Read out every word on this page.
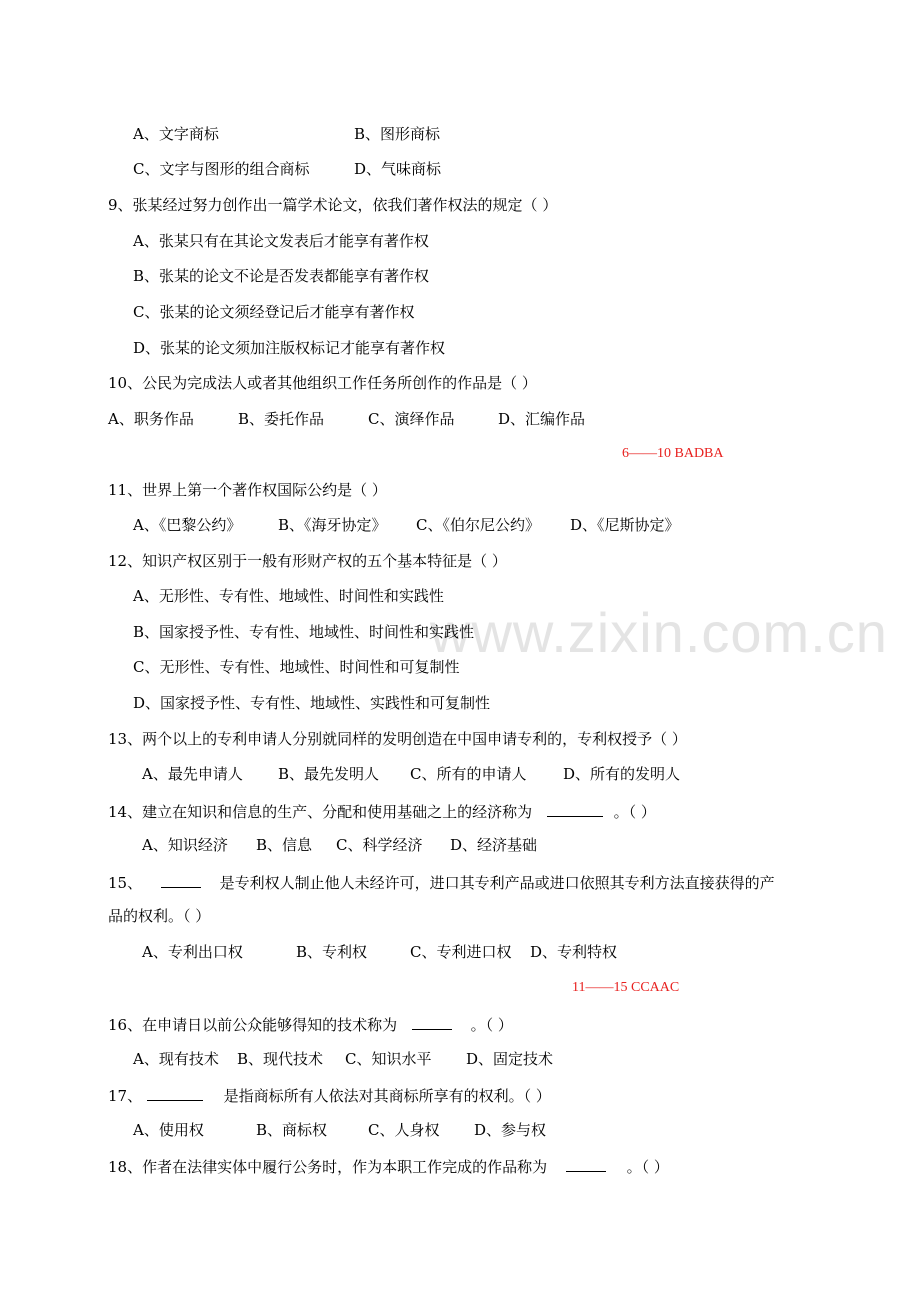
www.zixin.com.cn
A、文字商标	B、图形商标
C、文字与图形的组合商标	D、气味商标
9、张某经过努力创作出一篇学术论文，依我们著作权法的规定（ ）
A、张某只有在其论文发表后才能享有著作权
B、张某的论文不论是否发表都能享有著作权
C、张某的论文须经登记后才能享有著作权
D、张某的论文须加注版权标记才能享有著作权
10、公民为完成法人或者其他组织工作任务所创作的作品是（ ）
A、职务作品	B、委托作品	C、演绎作品	D、汇编作品
6——10 BADBA
11、世界上第一个著作权国际公约是（ ）
A、《巴黎公约》 B、《海牙协定》 C、《伯尔尼公约》 D、《尼斯协定》
12、知识产权区别于一般有形财产权的五个基本特征是（ ）
A、无形性、专有性、地域性、时间性和实践性
B、国家授予性、专有性、地域性、时间性和实践性
C、无形性、专有性、地域性、时间性和可复制性
D、国家授予性、专有性、地域性、实践性和可复制性
13、两个以上的专利申请人分别就同样的发明创造在中国申请专利的，专利权授予（ ）
A、最先申请人 B、最先发明人 C、所有的申请人 D、所有的发明人
14、建立在知识和信息的生产、分配和使用基础之上的经济称为	。（ ）
A、知识经济 B、信息 C、科学经济 D、经济基础
15、	是专利权人制止他人未经许可，进口其专利产品或进口依照其专利方法直接获得的产
品的权利。（ ）
A、专利出口权	B、专利权	C、专利进口权 D、专利特权
11——15 CCAAC
16、在申请日以前公众能够得知的技术称为	。（ ）
A、现有技术 B、现代技术 C、知识水平 D、固定技术
17、	是指商标所有人依法对其商标所享有的权利。（ ）
A、使用权	B、商标权	C、人身权 D、参与权
18、作者在法律实体中履行公务时，作为本职工作完成的作品称为	。（ ）
